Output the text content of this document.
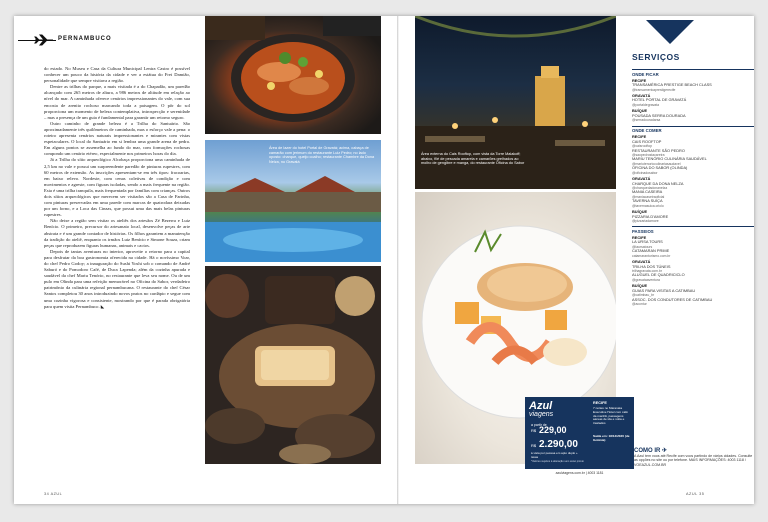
PERNAMBUCO

do estado. No Museu e Casa da Cultura Municipal Lenira Castro é possível conhecer um pouco da história da cidade e ver a estátua do Frei Damião, personalidade que sempre visitava a região.

Dentre as trilhas do parque, a mais visitada é a do Chapadão, um paredão alcançado com 265 metros de altura, a 986 metros de altitude em relação ao nível do mar. A caminhada oferece cenários impressionantes do vale, com sua encosta de arenito rochoso marcando toda a paisagem. O pôr do sol proporciona um momento de beleza contemplativa, introspecção e serenidade – mas a presença de um guia é fundamental para garantir um retorno seguro.

Outro caminho de grande beleza é a Trilha do Santuário. São aproximadamente três quilômetros de caminhada, mas o esforço vale a pena: o roteiro apresenta cenários naturais impressionantes e mirantes com vistas espetaculares. O local do Santuário em si lembra uma grande arena de pedra. Em alguns pontos se assemelha ao fundo do mar, com formações rochosas compondo um cenário etéreo, especialmente nos primeiros horas do dia.

Já a Trilha do sítio arqueológico Alcobaça proporciona uma caminhada de 2,5 km no vale e possui um surpreendente paredão de pinturas rupestres, com 60 metros de extensão. As inscrições apresentam-se em três tipos: fracoarias, em baixo relevo. Nordeste, com cenas coletivas de condição e com movimentos e agreste, com figuras isoladas, sendo a mais frequente na região. Esta é uma trilha tranquila, mais frequentada por famílias com crianças. Outros dois sítios arqueológicos que merecem ser visitados são a Casa de Farinha, com pinturas preservadas em uma parede com marcas de quatrodara deixadas por um forno, e a Loca das Cinzas, que possui uma das mais belas pinturas rupestres.

Não deixe a região sem visitar os ateliês dos artesãos Zé Bezerra e Luiz Benício. O primeiro, precursor do artesanato local, desenvolve peças de arte abstrata e é um grande contador de histórias. Os filhos garantem a manutenção da tradição do ateliê, enquanto os irmãos Luiz Benício e Simone Souza, criam peças que reproduzem figuras humanas, animais e cactos.

Depois de tantas aventuras no interior, aproveite o retorno para a capital para desfrutar da boa gastronomia oferecida na cidade. Há o novíssimo Voar, do chef Pedro Godoy; a inauguração do Sushi Yoshi sob o comando de André Saburó e do Pomodoro Café, de Duca Lapenda; além da cozinha apurada e saudável da chef Mariu Tenório, no restaurante que leva seu nome. Ou de um pulo em Olinda para uma refeição memorável no Oficina do Sabor, verdadeiro patrimônio da culinária regional pernambucana. O restaurante do chef César Santos completou 30 anos introduzindo novos pratos no cardápio e segue com uma cozinha vigorosa e consistente, mostrando por que é parada obrigatória para quem visita Pernambuco. ◣

Área de lazer do hotel Portal de Gravatá; acima, cabaça de camarão com jerimum do restaurante Luiz Pedro; no lado oposto: charque, queijo coalho; restaurante Chambre da Dona Nelza, no Gravatá
Área externa do Cais Rooftop, com vista da Torre Malakoff; abaixo, filé de pescada amarela e camarões grelhados ao molho de gengibre e manga, do restaurante Oficina do Sabor
Azul
viagens
a partir de
R$ 229,00
R$ 2.290,00
à vista por pessoa em apto duplo + taxas
*Valores sujeitos à alteração sem aviso prévio
RECIFE
7 noites no Maranata Executive Hotel com café da manhã, passagens aéreas de ida e volta e traslados
Saída em: 18/12/2020 (de Goiânia)
azulviagens.com.br | 4003 1181
SERVIÇOS
ONDE FICAR
RECIFE
TRANSAMÉRICA PRESTIGE BEACH CLASS
@transamericaprestigerecife
GRAVATÁ
HOTEL PORTAL DE GRAVATÁ
@portaldegravata
BUÍQUE
POUSADA SERRA DOURADA
@serradouradarsa
ONDE COMER
RECIFE
CAIS ROOFTOP
@caisrooftop
RESTAURANTE SÃO PEDRO
@saopedrostacareira
MARIU TENÓRIO CULINÁRIA SAUDÁVEL
@mariutenorioculinariasaudavel
OFICINA DO SABOR (OLINDA)
@oficinadosabor
GRAVATÁ
CHARQUE DA DONA NELZA
@charquedadonanelza
MANIA CASEIRA
@maniacaseiraoficial
TAVERNA SUÍÇA
@tavernasuica.criolo
BUÍQUE
PIZZARIA D'AMORE
@pizzariadamore
PASSEIOS
RECIFE
LA URSA TOURS
@laursatours
CATAMARAN PRIME
catamaranturismo.com.br
GRAVATÁ
TRILHA DOS TÚNEIS
trilhagravata.com.br
ALUGUEL DE QUADRICICLO
@gravataaventura
BUÍQUE
GUIAS PARA VISITAS A CATIMBAU
@catimbau_br
ASSOC. DOS CONDUTORES DE CATIMBAU
@acontur
COMO IR ✈
A Azul tem voos até Recife com voos partindo de vários cidades. Consulte as opções no site ou por telefone. MAIS INFORMAÇÕES: 4003 1118 / VOEAZUL.COM.BR
34 AZUL	AZUL 35
